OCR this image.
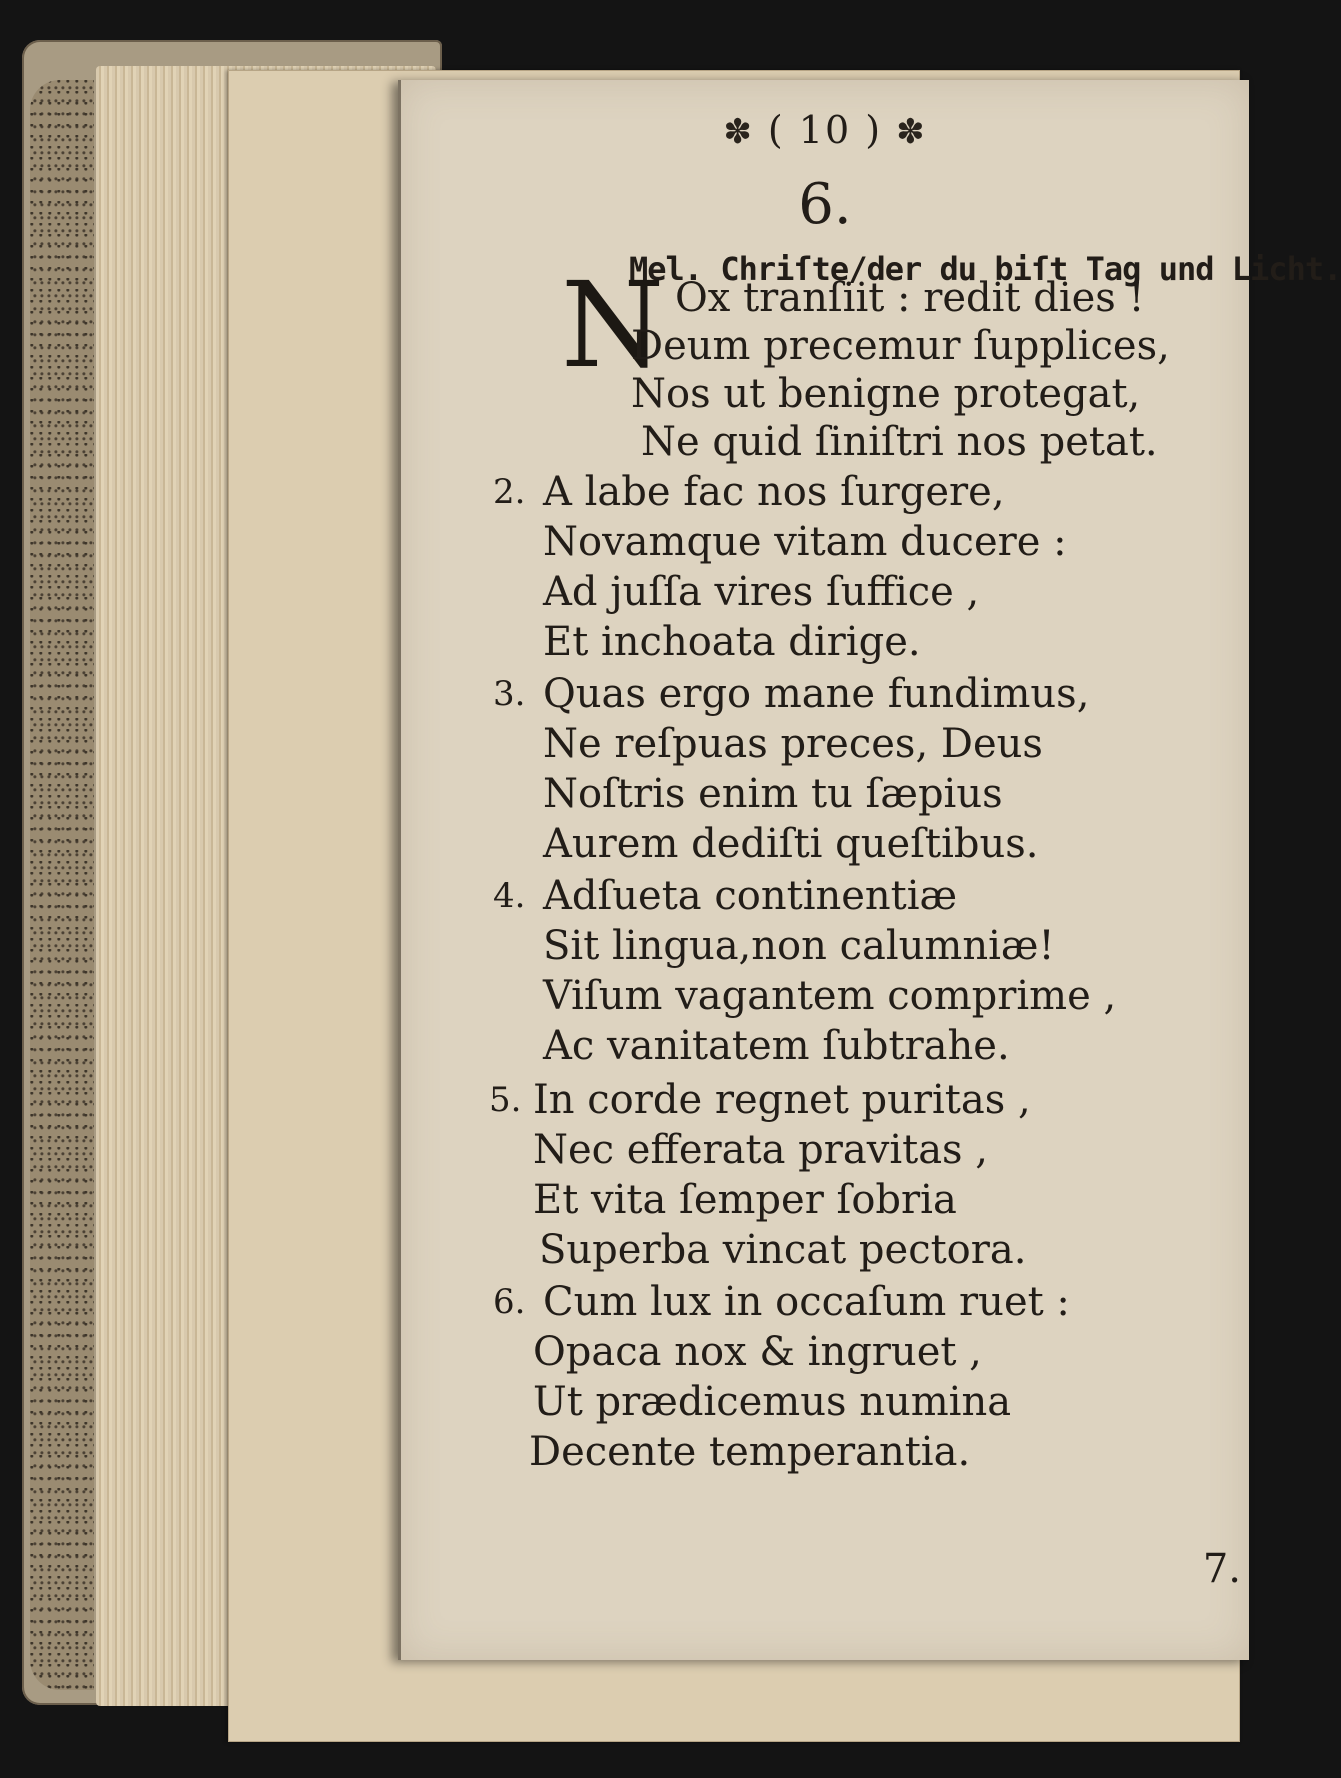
✽ ( 10 ) ✽
6.
Mel. Chriſte/der du biſt Tag und Licht.
N Ox tranſiit : redit dies !
Deum precemur ſupplices,
Nos ut benigne protegat,
Ne quid ſiniſtri nos petat.
2. A labe fac nos ſurgere,
Novamque vitam ducere :
Ad juſſa vires ſuffice ,
Et inchoata dirige.
3. Quas ergo mane fundimus,
Ne reſpuas preces, Deus
Noſtris enim tu ſæpius
Aurem dediſti queſtibus.
4. Adſueta continentiæ
Sit lingua,non calumniæ!
Viſum vagantem comprime ,
Ac vanitatem ſubtrahe.
5. In corde regnet puritas ,
Nec efferata pravitas ,
Et vita ſemper ſobria
Superba vincat pectora.
6. Cum lux in occaſum ruet :
Opaca nox & ingruet ,
Ut prædicemus numina
Decente temperantia.
7.
